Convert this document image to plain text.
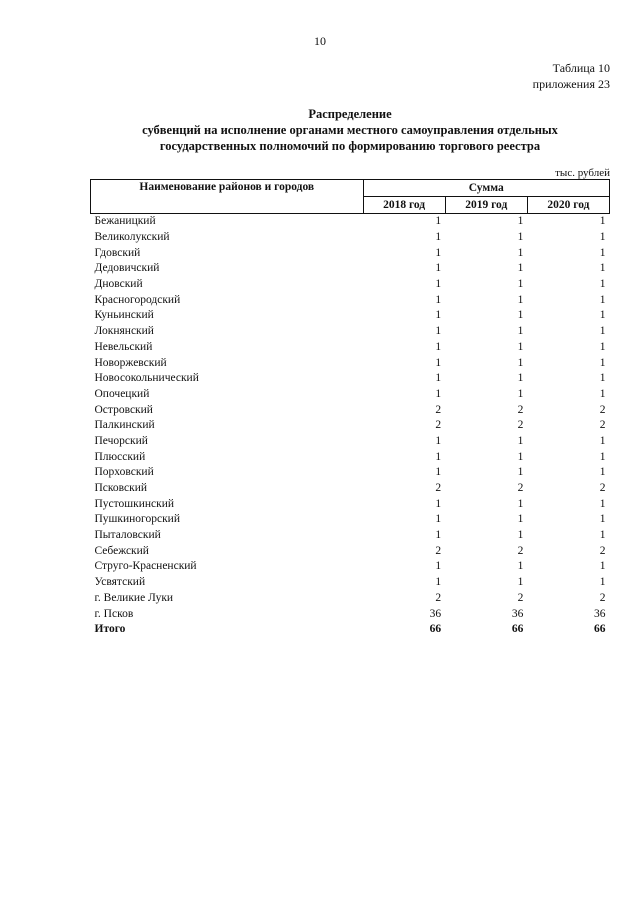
10
Таблица 10
приложения 23
Распределение
субвенций на исполнение органами местного самоуправления отдельных
государственных полномочий по формированию торгового реестра
тыс. рублей
Наименование районов и городов	Сумма		
	2018 год	2019 год	2020 год
Бежаницкий	1	1	1
Великолукский	1	1	1
Гдовский	1	1	1
Дедовичский	1	1	1
Дновский	1	1	1
Красногородский	1	1	1
Куньинский	1	1	1
Локнянский	1	1	1
Невельский	1	1	1
Новоржевский	1	1	1
Новосокольнический	1	1	1
Опочецкий	1	1	1
Островский	2	2	2
Палкинский	2	2	2
Печорский	1	1	1
Плюсский	1	1	1
Порховский	1	1	1
Псковский	2	2	2
Пустошкинский	1	1	1
Пушкиногорский	1	1	1
Пыталовский	1	1	1
Себежский	2	2	2
Струго-Красненский	1	1	1
Усвятский	1	1	1
г. Великие Луки	2	2	2
г. Псков	36	36	36
Итого	66	66	66
